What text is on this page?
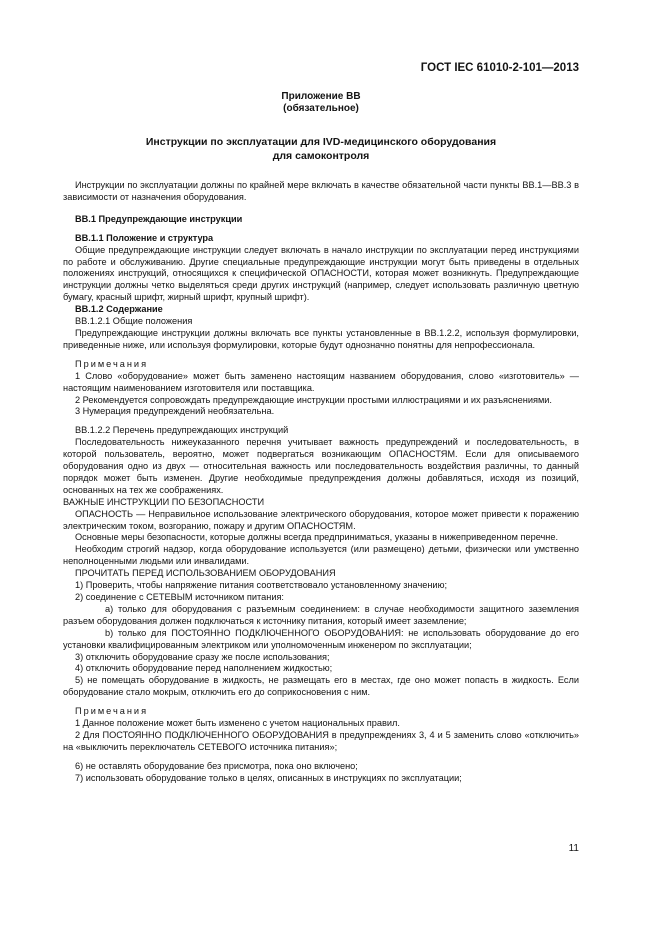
ГОСТ IEC 61010-2-101—2013
Приложение ВВ
(обязательное)
Инструкции по эксплуатации для IVD-медицинского оборудования
для самоконтроля

Инструкции по эксплуатации должны по крайней мере включать в качестве обязательной части пункты ВВ.1—ВВ.3 в зависимости от назначения оборудования.

ВВ.1 Предупреждающие инструкции

ВВ.1.1 Положение и структура

Общие предупреждающие инструкции следует включать в начало инструкции по эксплуатации перед инструкциями по работе и обслуживанию. Другие специальные предупреждающие инструкции могут быть приведены в отдельных положениях инструкций, относящихся к специфической ОПАСНОСТИ, которая может возникнуть. Предупреждающие инструкции должны четко выделяться среди других инструкций (например, следует использовать различную цветную бумагу, красный шрифт, жирный шрифт, крупный шрифт).

ВВ.1.2 Содержание

ВВ.1.2.1 Общие положения

Предупреждающие инструкции должны включать все пункты установленные в ВВ.1.2.2, используя формулировки, приведенные ниже, или используя формулировки, которые будут однозначно понятны для непрофессионала.

Примечания

1 Слово «оборудование» может быть заменено настоящим названием оборудования, слово «изготовитель» — настоящим наименованием изготовителя или поставщика.

2 Рекомендуется сопровождать предупреждающие инструкции простыми иллюстрациями и их разъяснениями.

3 Нумерация предупреждений необязательна.

ВВ.1.2.2 Перечень предупреждающих инструкций

Последовательность нижеуказанного перечня учитывает важность предупреждений и последовательность, в которой пользователь, вероятно, может подвергаться возникающим ОПАСНОСТЯМ. Если для описываемого оборудования одно из двух — относительная важность или последовательность воздействия различны, то данный порядок может быть изменен. Другие необходимые предупреждения должны добавляться, исходя из позиций, основанных на тех же соображениях.

ВАЖНЫЕ ИНСТРУКЦИИ ПО БЕЗОПАСНОСТИ

ОПАСНОСТЬ — Неправильное использование электрического оборудования, которое может привести к поражению электрическим током, возгоранию, пожару и другим ОПАСНОСТЯМ.

Основные меры безопасности, которые должны всегда предприниматься, указаны в нижеприведенном перечне.

Необходим строгий надзор, когда оборудование используется (или размещено) детьми, физически или умственно неполноценными людьми или инвалидами.

ПРОЧИТАТЬ ПЕРЕД ИСПОЛЬЗОВАНИЕМ ОБОРУДОВАНИЯ

1) Проверить, чтобы напряжение питания соответствовало установленному значению;

2) соединение с СЕТЕВЫМ источником питания:

а) только для оборудования с разъемным соединением: в случае необходимости защитного заземления разъем оборудования должен подключаться к источнику питания, который имеет заземление;

b) только для ПОСТОЯННО ПОДКЛЮЧЕННОГО ОБОРУДОВАНИЯ: не использовать оборудование до его установки квалифицированным электриком или уполномоченным инженером по эксплуатации;

3) отключить оборудование сразу же после использования;

4) отключить оборудование перед наполнением жидкостью;

5) не помещать оборудование в жидкость, не размещать его в местах, где оно может попасть в жидкость. Если оборудование стало мокрым, отключить его до соприкосновения с ним.

Примечания

1 Данное положение может быть изменено с учетом национальных правил.

2 Для ПОСТОЯННО ПОДКЛЮЧЕННОГО ОБОРУДОВАНИЯ в предупреждениях 3, 4 и 5 заменить слово «отключить» на «выключить переключатель СЕТЕВОГО источника питания»;

6) не оставлять оборудование без присмотра, пока оно включено;

7) использовать оборудование только в целях, описанных в инструкциях по эксплуатации;

11
